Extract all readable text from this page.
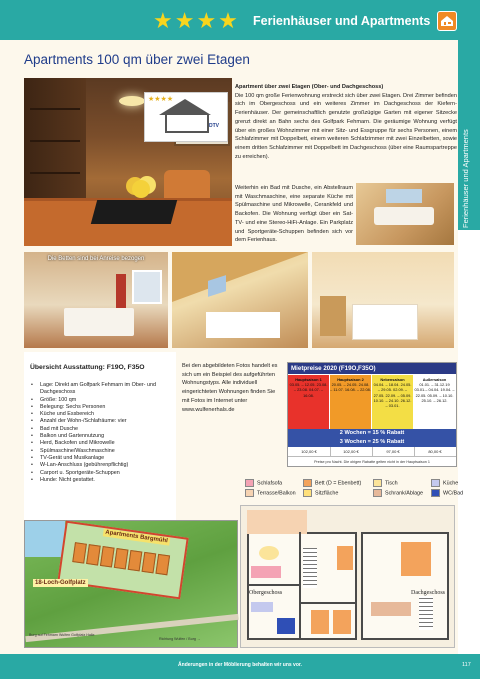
★★★★ Ferienhäuser und Apartments
Ferienhäuser und Apartments
Apartments 100 qm über zwei Etagen
★★★★
DTV
Apartment über zwei Etagen (Ober- und Dachgeschoss)
Die 100 qm große Ferienwohnung erstreckt sich über zwei Etagen. Drei Zimmer befinden sich im Obergeschoss und ein weiteres Zimmer im Dachgeschoss der Kiefern-Ferienhäuser. Der gemeinschaftlich genutzte großzügige Garten mit eigener Sitzecke grenzt direkt an Bahn sechs des Golfpark Fehmarn. Die geräumige Wohnung verfügt über ein großes Wohnzimmer mit einer Sitz- und Essgruppe für sechs Personen, einem Schlafzimmer mit Doppelbett, einem weiteren Schlafzimmer mit zwei Einzelbetten, sowie einem dritten Schlafzimmer mit Doppelbett im Dachgeschoss (über eine Raumspartreppe zu erreichen).
Weiterhin ein Bad mit Dusche, ein Abstellraum mit Waschmaschine, eine separate Küche mit Spülmaschine und Mikrowelle, Cerankfeld und Backofen. Die Wohnung verfügt über ein Sat-TV- und eine Stereo-HiFi-Anlage. Ein Parkplatz und Sportgeräte-Schuppen befinden sich vor dem Ferienhaus.
Die Betten sind bei Anreise bezogen
Übersicht Ausstattung: F19O, F35O
• Lage: Direkt am Golfpark Fehmarn im Ober- und Dachgeschoss
• Größe: 100 qm
• Belegung: Sechs Personen
• Küche und Essbereich
• Anzahl der Wohn-/Schlafräume: vier
• Bad mit Dusche
• Balkon und Gartennutzung
• Herd, Backofen und Mikrowelle
• Spülmaschine/Waschmaschine
• TV-Gerät und Musikanlage
• W-Lan-Anschluss (gebührenpflichtig)
• Carport u. Sportgeräte-Schuppen
• Hunde: Nicht gestattet.
Bei den abgebildeten Fotos handelt es sich um ein Beispiel des aufgeführten Wohnungstyps. Alle individuell eingerichteten Wohnungen finden Sie mit Fotos im Internet unter www.wulfenerhals.de
Mietpreise 2020 (F19O,F35O)
Hauptsaison 1
03.05. – 12.05. 23.08. – 23.08. 04.07. – 16.08.
Hauptsaison 2
20.05. – 24.05. 24.08. – 11.07. 16.08. – 22.08.
Nebensaison
04.04. – 18.04. 24.05. – 29.05. 02.09. – 27.05. 22.09. – 05.09. 10.10. – 24.10. 26.12. – 03.01.
Außersaison
01.01. – 31.12.19 03.01.– 04.04. 19.04. – 22.05. 05.09. – 10.10. 25.10. – 26.12.
2 Wochen = 15 % Rabatt
3 Wochen = 25 % Rabatt
102,00 €	102,00 €	97,00 €	80,00 €
Preise pro Nacht. Die obigen Rabatte gelten nicht in der Hauptsaison 1
Schlafsofa	Bett (D = Ebenbett)	Tisch	Küche
Terrasse/Balkon	Sitzfläche	Schrank/Ablage	WC/Bad
Apartments Bargmühl
18-Loch-Golfplatz
Burg auf Fehmarn Wulfen Golfplatz Halle
Richtung Wulfen / Burg →
Obergeschoss	Dachgeschoss
Änderungen in der Möblierung behalten wir uns vor.	117
